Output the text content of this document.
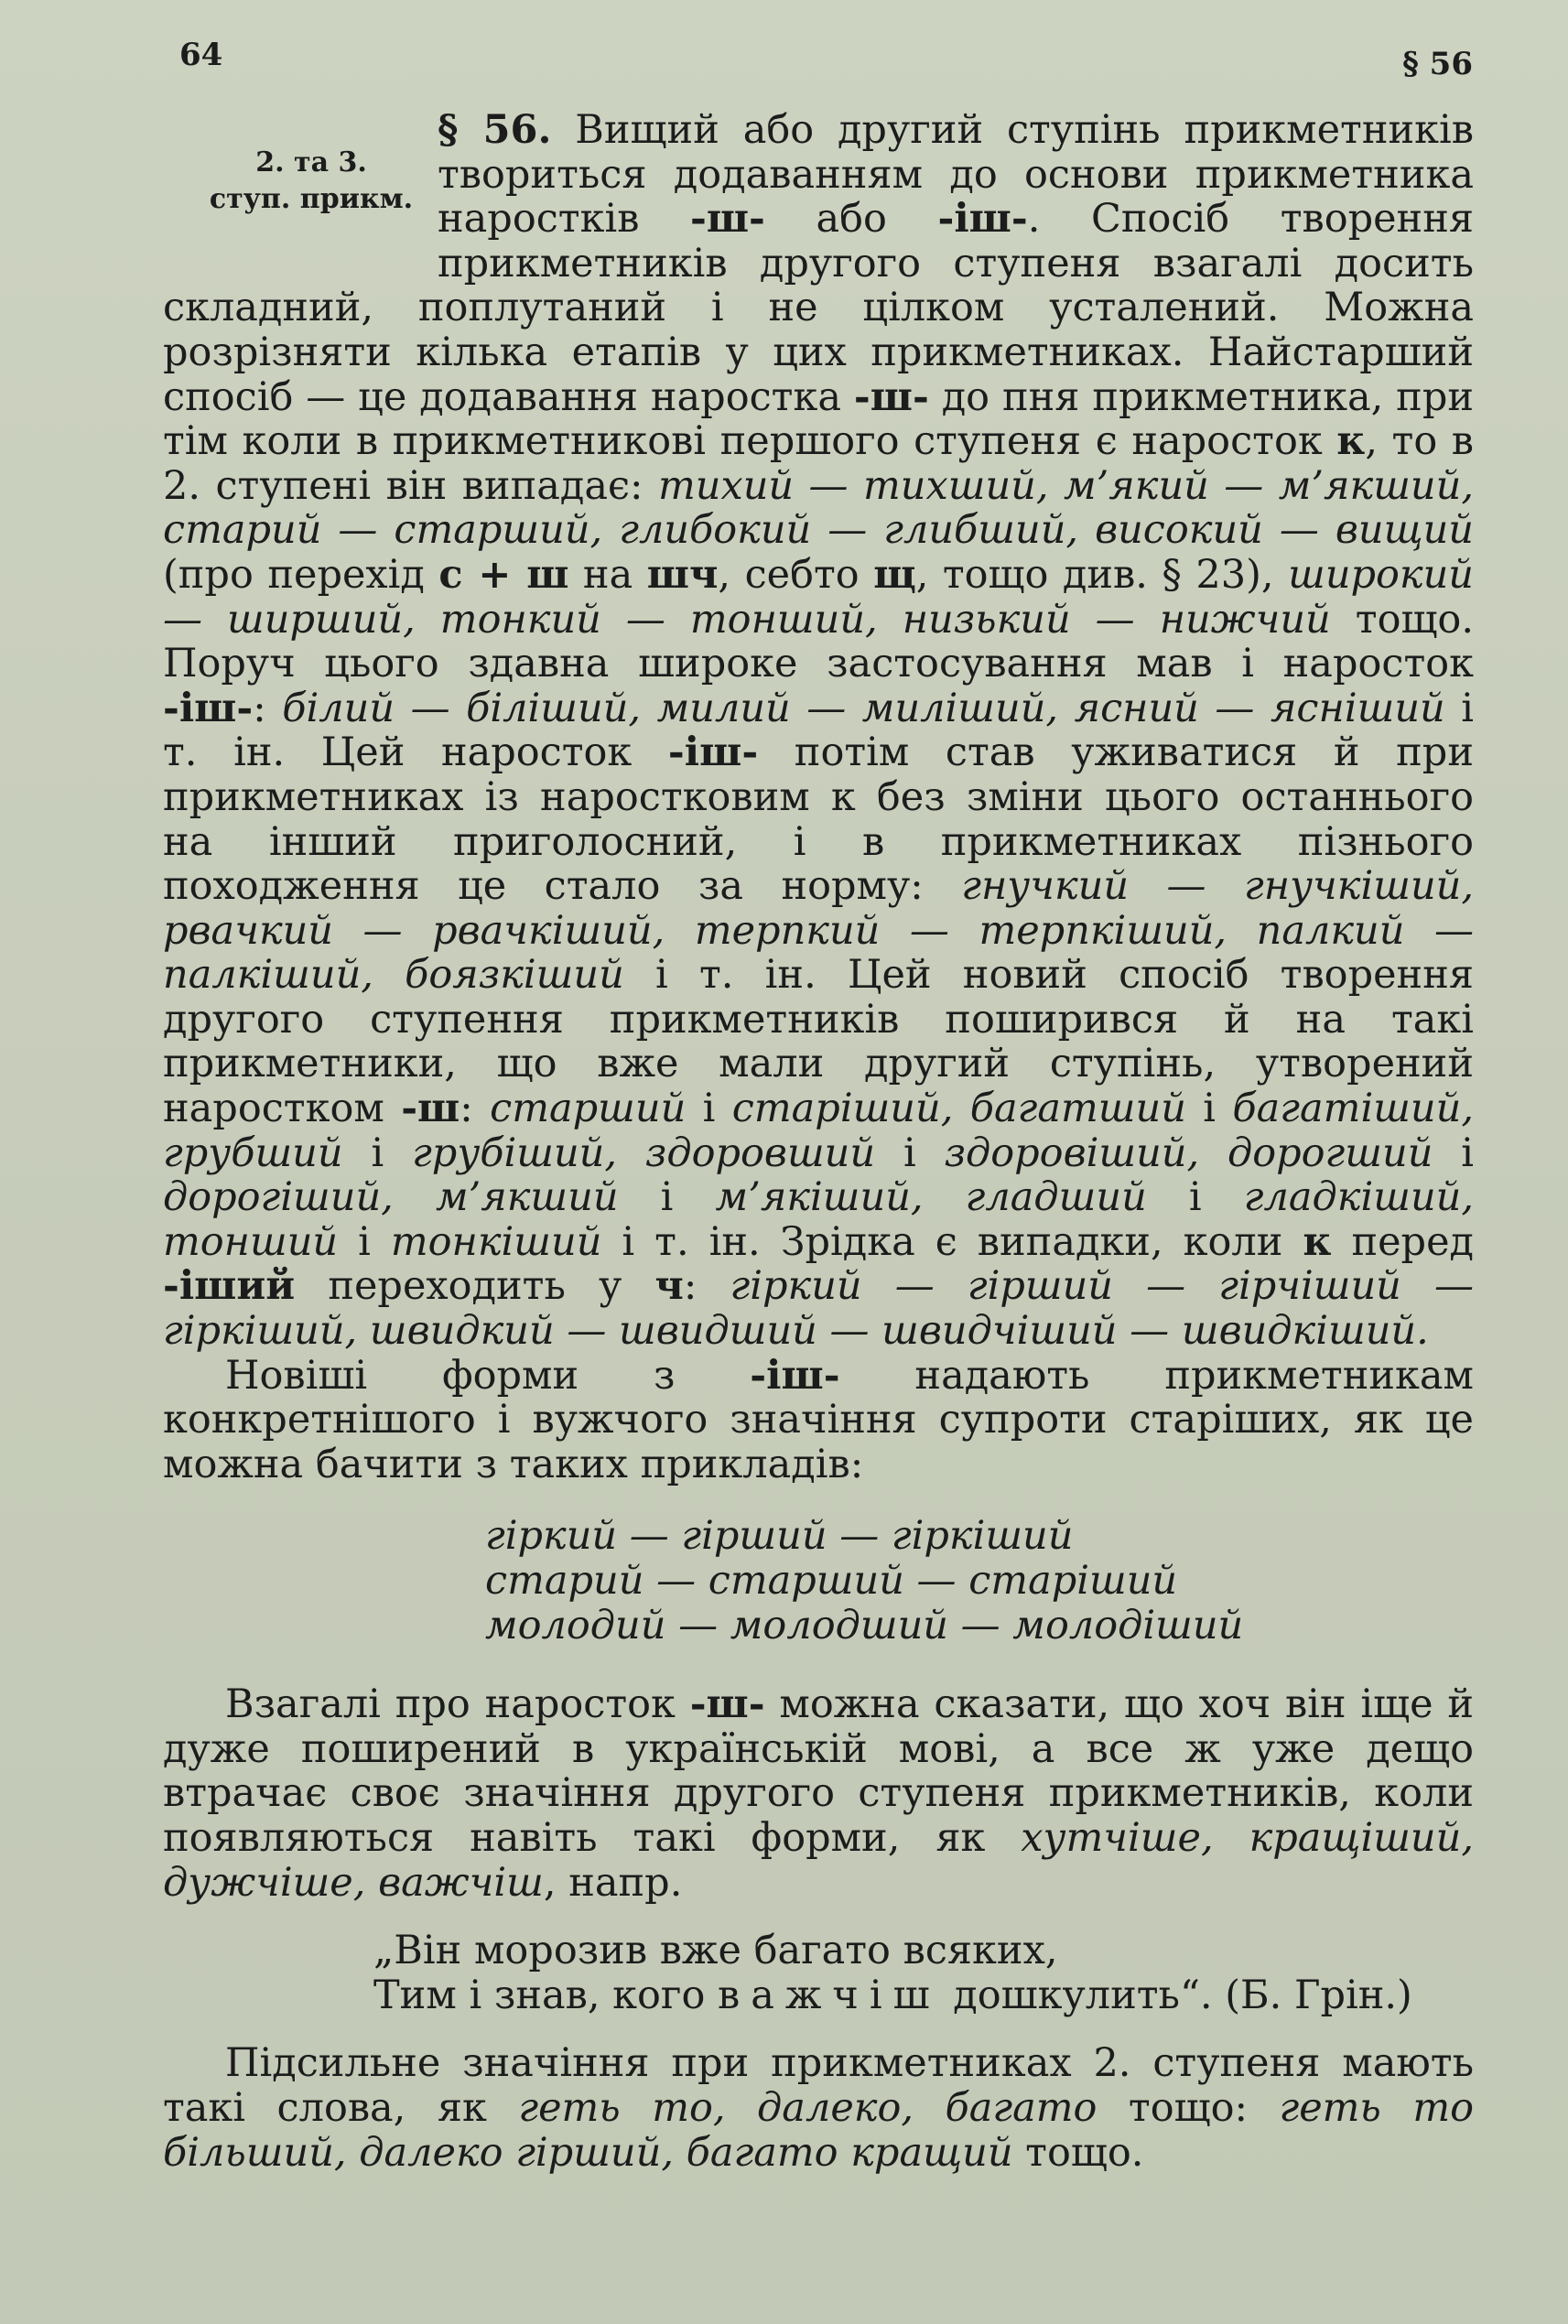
64	§ 56
2. та 3.
ступ. прикм.

§ 56. Вищий або другий ступінь прикметників твориться додаванням до основи прикметника наростків -ш- або -іш-. Спосіб творення прикметників другого ступеня взагалі досить складний, поплутаний і не цілком усталений. Можна розрізняти кілька етапів у цих прикметниках. Найстарший спосіб — це додавання наростка -ш- до пня прикметника, при тім коли в прикметникові першого ступеня є наросток к, то в 2. ступені він випадає: тихий — тихший, м’який — м’якший, старий — старший, глибокий — глибший, високий — вищий (про перехід с + ш на шч, себто щ, тощо див. § 23), широкий — ширший, тонкий — тонший, низький — нижчий тощо. Поруч цього здавна широке застосування мав і наросток -іш-: білий — біліший, милий — миліший, ясний — ясніший і т. ін. Цей наросток -іш- потім став уживатися й при прикметниках із наростковим к без зміни цього останнього на інший приголосний, і в прикметниках пізнього походження це стало за норму: гнучкий — гнучкіший, рвачкий — рвачкіший, терпкий — терпкіший, палкий — палкіший, боязкіший і т. ін. Цей новий спосіб творення другого ступення прикметників поширився й на такі прикметники, що вже мали другий ступінь, утворений наростком -ш: старший і старіший, багатший і багатіший, грубший і грубіший, здоровший і здоровіший, дорогший і дорогіший, м’якший і м’якіший, гладший і гладкіший, тонший і тонкіший і т. ін. Зрідка є випадки, коли к перед -іший переходить у ч: гіркий — гірший — гірчіший — гіркіший, швидкий — швидший — швидчіший — швидкіший.

Новіші форми з -іш- надають прикметникам конкретнішого і вужчого значіння супроти старіших, як це можна бачити з таких прикладів:

гіркий — гірший — гіркіший
старий — старший — старіший
молодий — молодший — молодіший

Взагалі про наросток -ш- можна сказати, що хоч він іще й дуже поширений в українській мові, а все ж уже дещо втрачає своє значіння другого ступеня прикметників, коли появляються навіть такі форми, як хутчіше, кращіший, дужчіше, важчіш, напр.

„Він морозив вже багато всяких,
Тим і знав, кого важчіш дошкулить“. (Б. Грін.)

Підсильне значіння при прикметниках 2. ступеня мають такі слова, як геть то, далеко, багато тощо: геть то більший, далеко гірший, багато кращий тощо.
